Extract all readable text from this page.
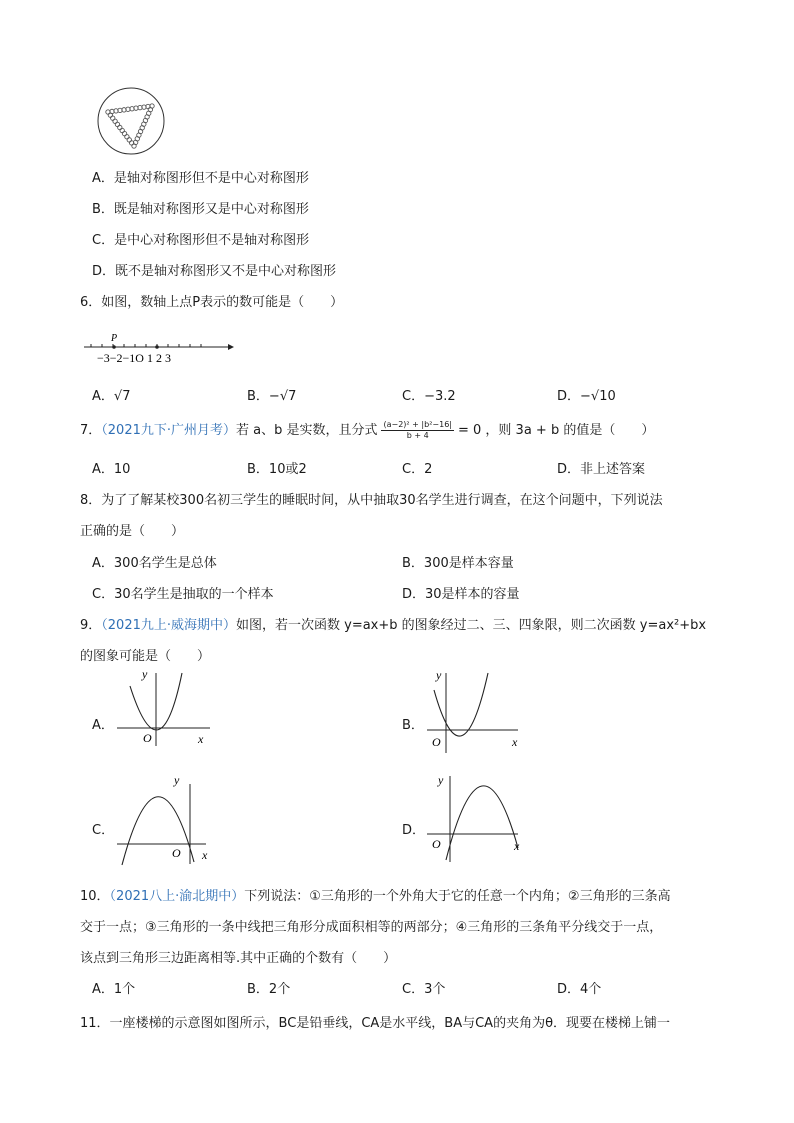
A．是轴对称图形但不是中心对称图形
B．既是轴对称图形又是中心对称图形
C．是中心对称图形但不是轴对称图形
D．既不是轴对称图形又不是中心对称图形
6．如图，数轴上点P表示的数可能是（　　）
P
−3−2−1O 1 2 3
A．√7	B．−√7	C．−3.2	D．−√10
7．（2021九下·广州月考）若 a、b 是实数，且分式 $\frac{\text{(a−2)² + |b²−16|}}{b + 4} = 0$ ，则 3a + b 的值是（　　）
A．10	B．10或2	C．2	D．非上述答案
8．为了了解某校300名初三学生的睡眠时间，从中抽取30名学生进行调查，在这个问题中，下列说法
正确的是（　　）
A．300名学生是总体	B．300是样本容量
C．30名学生是抽取的一个样本	D．30是样本的容量
9．（2021九上·威海期中）如图，若一次函数 y=ax+b 的图象经过二、三、四象限，则二次函数 y=ax²+bx
的图象可能是（　　）
A．	B．
C．	D．
y
x
O
y
x
O
y
x
O
y
x
O
10．（2021八上·渝北期中）下列说法：①三角形的一个外角大于它的任意一个内角；②三角形的三条高
交于一点；③三角形的一条中线把三角形分成面积相等的两部分；④三角形的三条角平分线交于一点，
该点到三角形三边距离相等.其中正确的个数有（　　）
A．1个	B．2个	C．3个	D．4个
11．一座楼梯的示意图如图所示，BC是铅垂线，CA是水平线，BA与CA的夹角为θ．现要在楼梯上铺一
